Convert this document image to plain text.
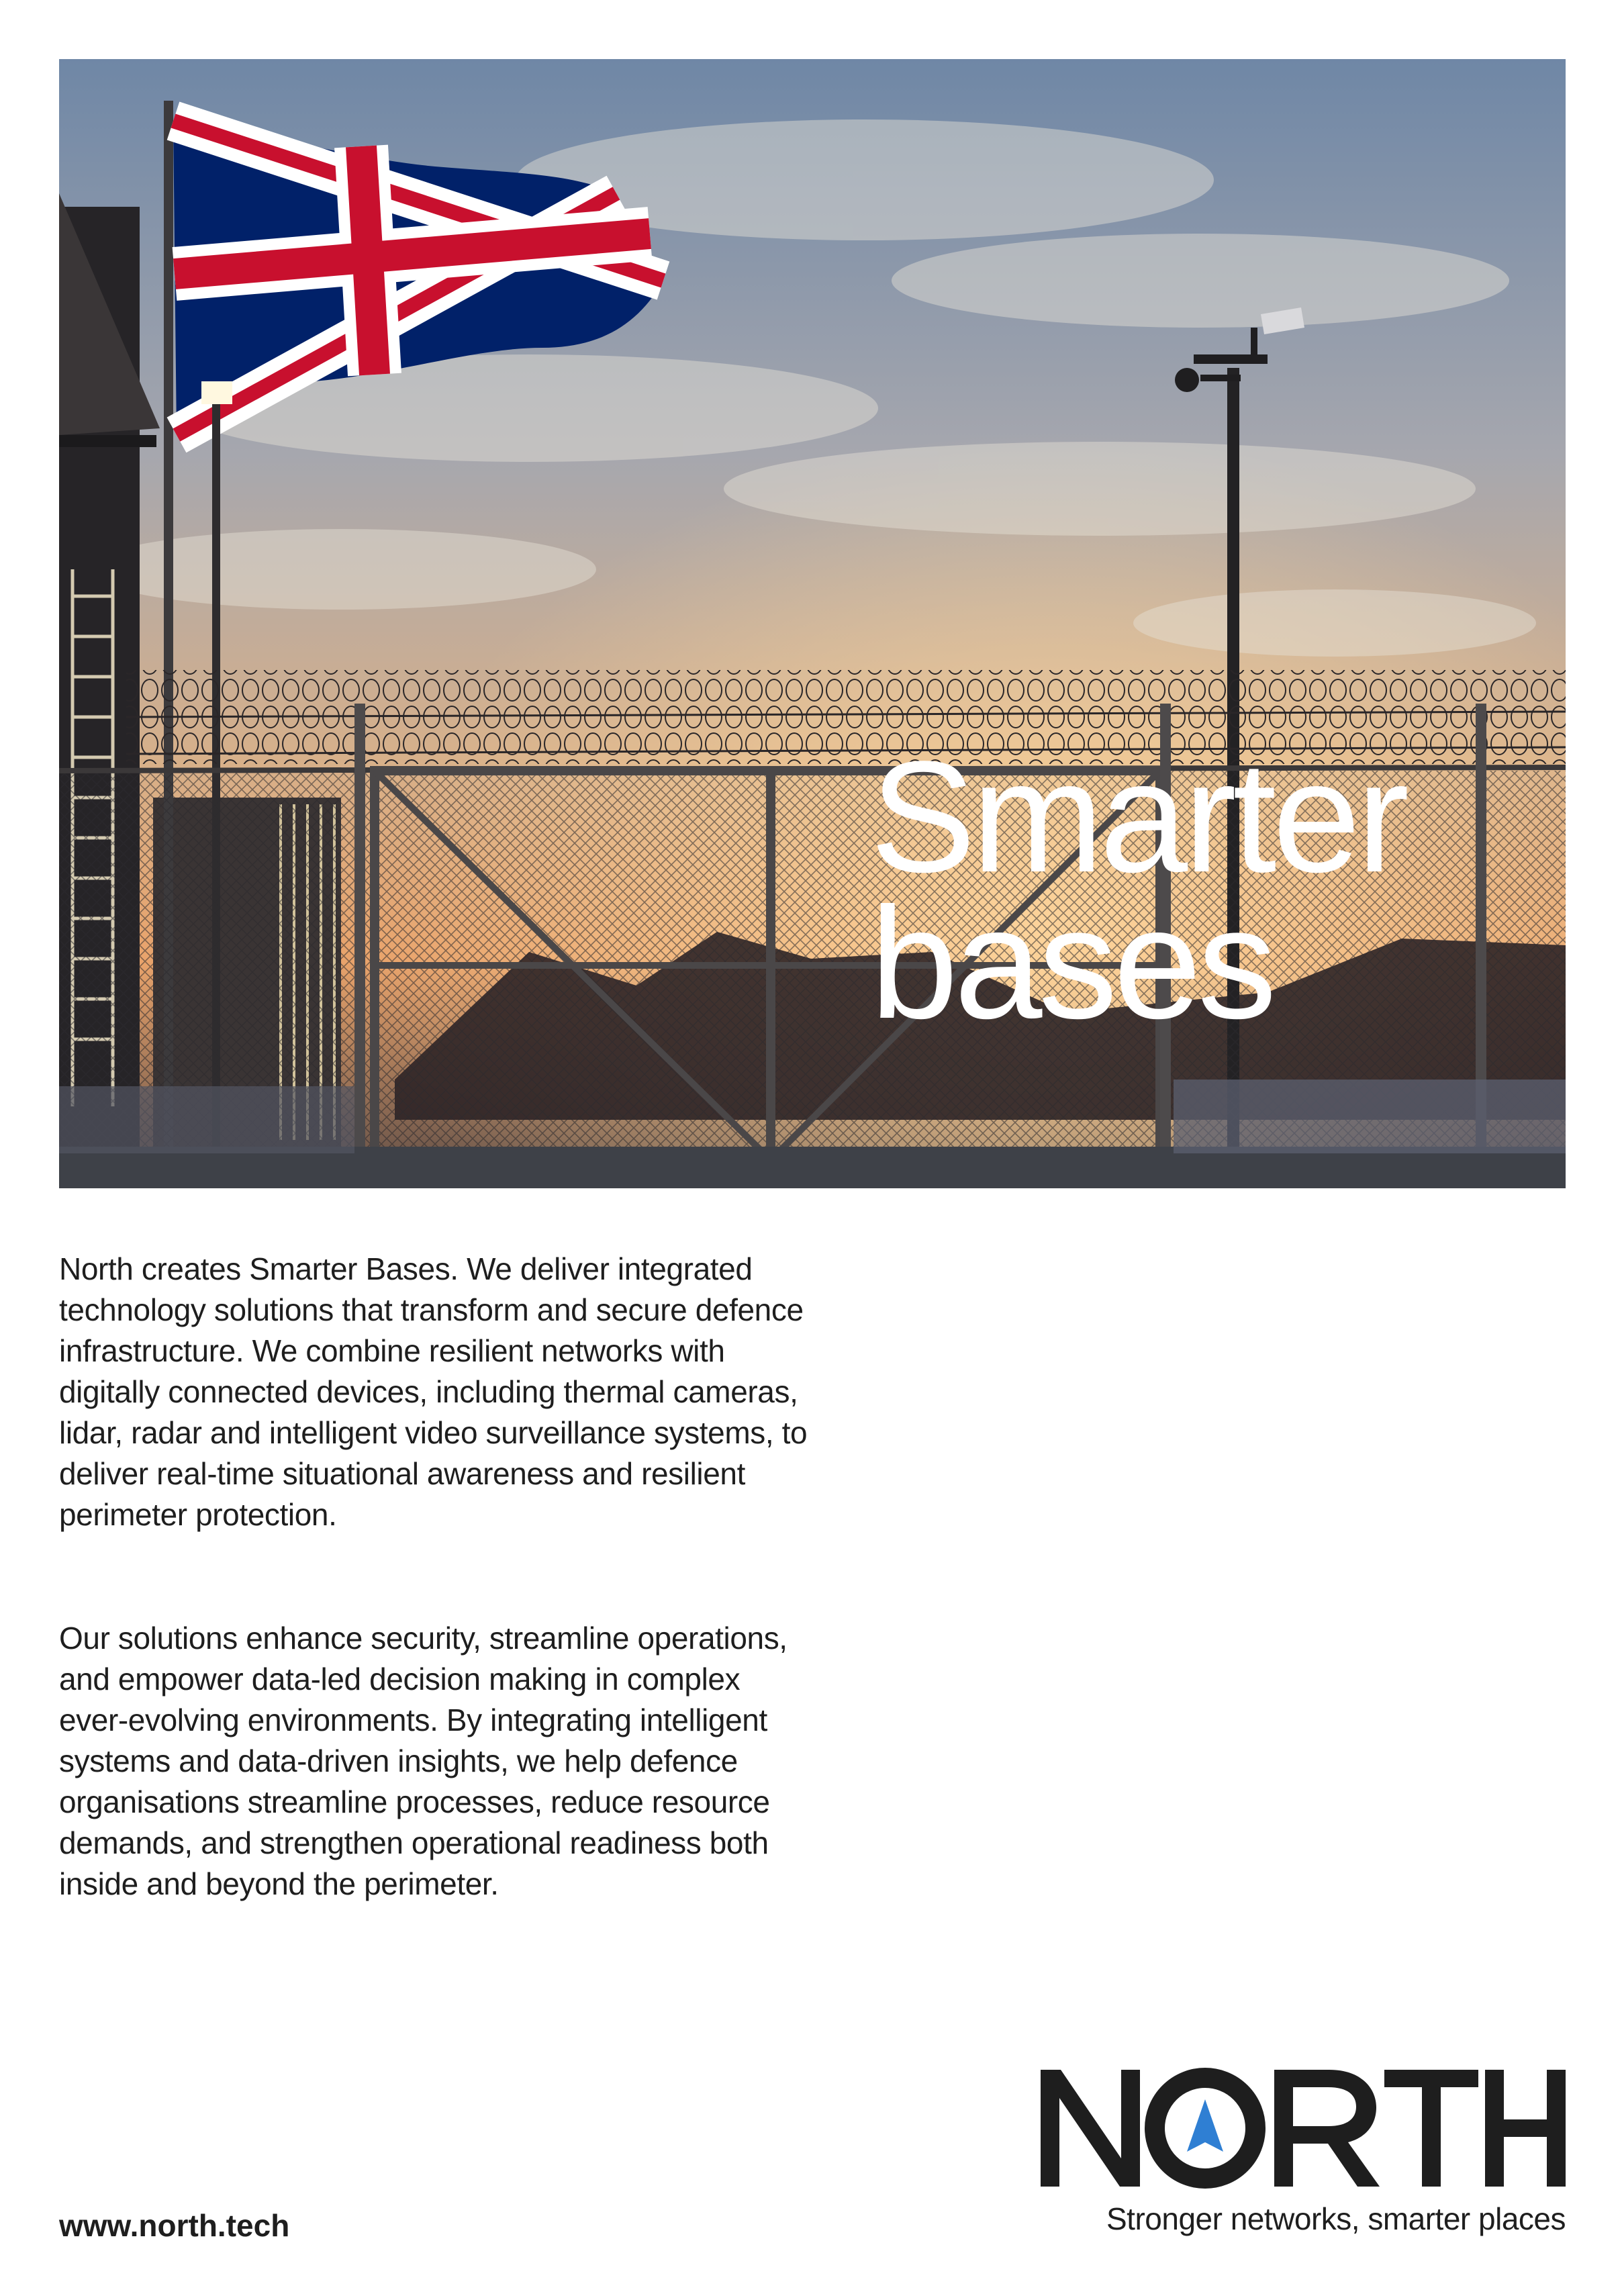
Smarter
bases

North creates Smarter Bases. We deliver integrated technology solutions that transform and secure defence infrastructure. We combine resilient networks with digitally connected devices, including thermal cameras, lidar, radar and intelligent video surveillance systems, to deliver real-time situational awareness and resilient perimeter protection.

Our solutions enhance security, streamline operations, and empower data-led decision making in complex ever-evolving environments. By integrating intelligent systems and data-driven insights, we help defence organisations streamline processes, reduce resource demands, and strengthen operational readiness both inside and beyond the perimeter.

www.north.tech	Stronger networks, smarter places
